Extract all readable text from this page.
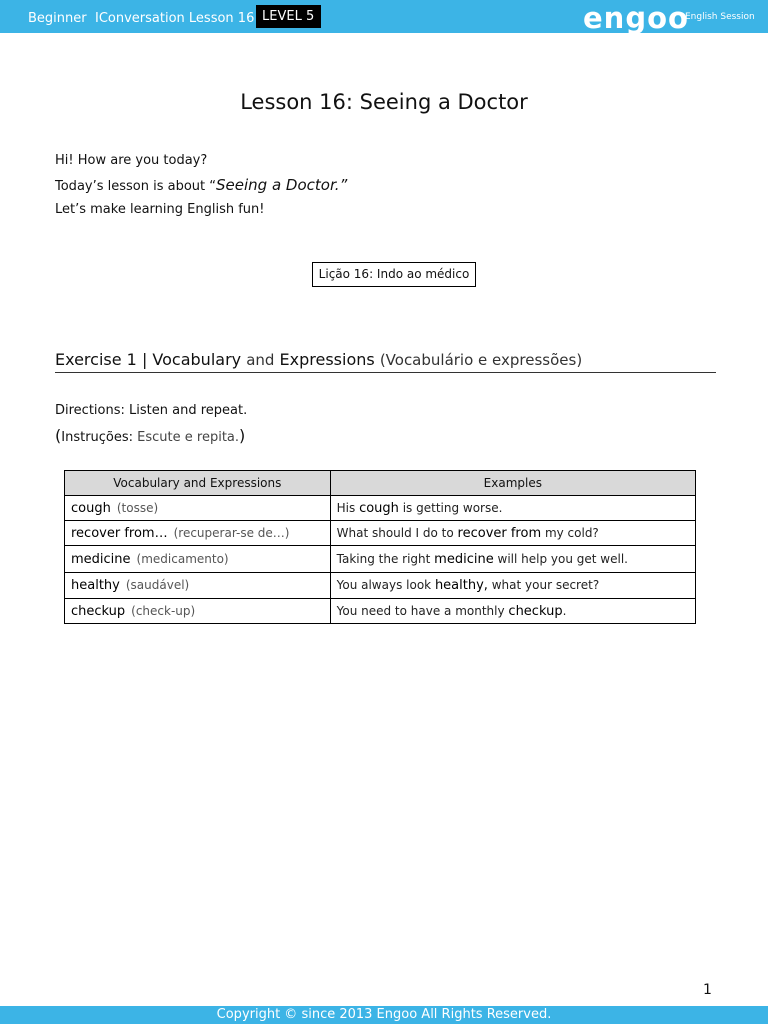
Beginner ⅠConversation Lesson 16 LEVEL 5	engoo
English Session
Lesson 16: Seeing a Doctor
Hi! How are you today?
Today’s lesson is about “Seeing a Doctor.”
Let’s make learning English fun!
Lição 16: Indo ao médico
Exercise 1 | Vocabulary and Expressions (Vocabulário e expressões)
Directions: Listen and repeat.
(Instruções: Escute e repita.)
Vocabulary and Expressions	Examples
cough (tosse)	His cough is getting worse.
recover from… (recuperar-se de…)	What should I do to recover from my cold?
medicine (medicamento)	Taking the right medicine will help you get well.
healthy (saudável)	You always look healthy, what your secret?
checkup (check-up)	You need to have a monthly checkup.
1
Copyright © since 2013 Engoo All Rights Reserved.
